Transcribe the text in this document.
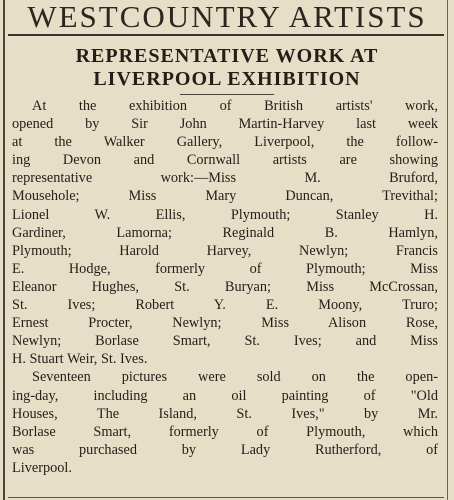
WESTCOUNTRY ARTISTS
REPRESENTATIVE WORK AT
LIVERPOOL EXHIBITION
At the exhibition of British artists' work,
opened by Sir John Martin-Harvey last week
at the Walker Gallery, Liverpool, the follow-
ing Devon and Cornwall artists are showing
representative work:—Miss M. Bruford,
Mousehole; Miss Mary Duncan, Trevithal;
Lionel W. Ellis, Plymouth; Stanley H.
Gardiner, Lamorna; Reginald B. Hamlyn,
Plymouth; Harold Harvey, Newlyn; Francis
E. Hodge, formerly of Plymouth; Miss
Eleanor Hughes, St. Buryan; Miss McCrossan,
St. Ives; Robert Y. E. Moony, Truro;
Ernest Procter, Newlyn; Miss Alison Rose,
Newlyn; Borlase Smart, St. Ives; and Miss
H. Stuart Weir, St. Ives.
Seventeen pictures were sold on the open-
ing-day, including an oil painting of "Old
Houses, The Island, St. Ives," by Mr.
Borlase Smart, formerly of Plymouth, which
was purchased by Lady Rutherford, of
Liverpool.
